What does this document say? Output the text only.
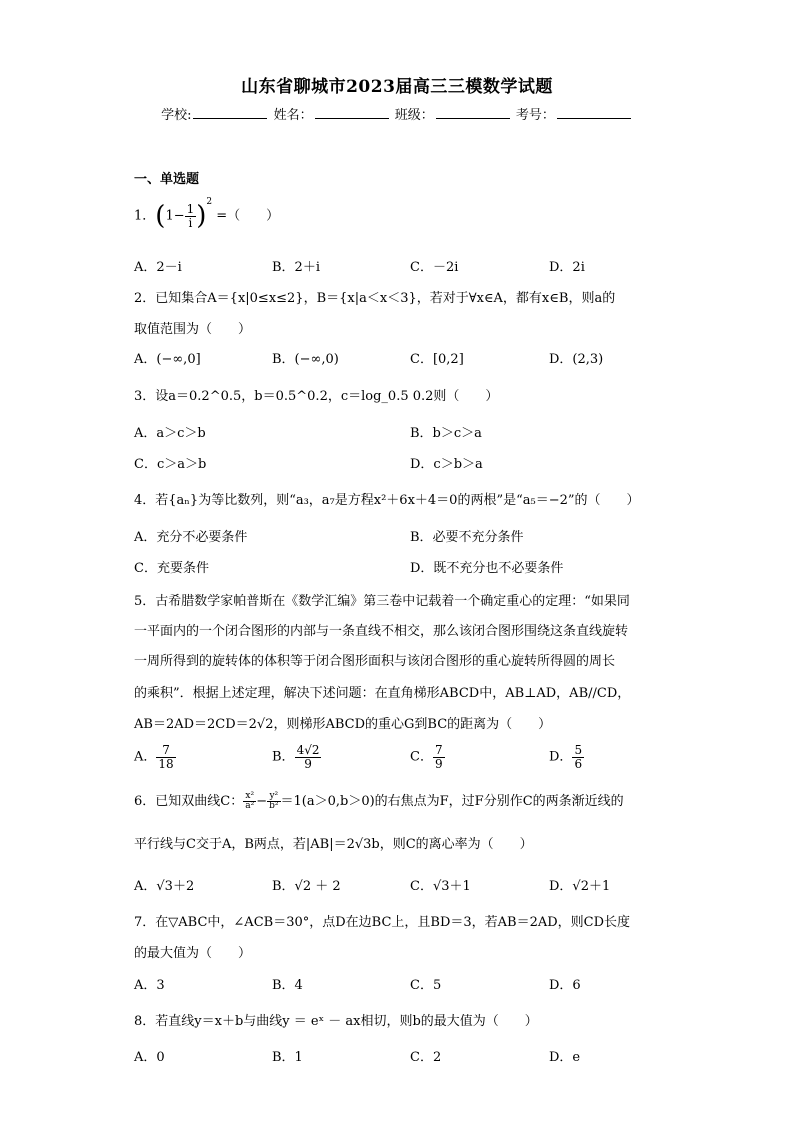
山东省聊城市2023届高三三模数学试题
学校:	姓名：	班级：	考号：
一、单选题
1．$(1- \frac{1}{i} )^2$ =（　　）
A．2－i	B．2＋i	C．－2i	D．2i
2．已知集合A＝{x|0≤x≤2}，B＝{x|a＜x＜3}，若对于∀x∈A，都有x∈B，则a的
取值范围为（　　）
A．(−∞,0]	B．(−∞,0)	C．[0,2]	D．(2,3)
3．设a＝0.2^0.5，b＝0.5^0.2，c＝log_0.5 0.2则（　　）
A．a＞c＞b	B．b＞c＞a
C．c＞a＞b	D．c＞b＞a
4．若{aₙ}为等比数列，则“a₃，a₇是方程x²＋6x＋4＝0的两根”是“a₅＝−2”的（　　）
A．充分不必要条件	B．必要不充分条件
C．充要条件	D．既不充分也不必要条件
5．古希腊数学家帕普斯在《数学汇编》第三卷中记载着一个确定重心的定理：“如果同
一平面内的一个闭合图形的内部与一条直线不相交，那么该闭合图形围绕这条直线旋转
一周所得到的旋转体的体积等于闭合图形面积与该闭合图形的重心旋转所得圆的周长
的乘积”．根据上述定理，解决下述问题：在直角梯形ABCD中，AB⊥AD，AB//CD，
AB＝2AD＝2CD＝2√2，则梯形ABCD的重心G到BC的距离为（　　）
A． $\frac{7}{18}$	B． $\frac{4√2}{9}$	C． $\frac{7}{9}$	D． $\frac{5}{6}$
6．已知双曲线C： $\frac{\text{x²}}{\text{a²}} - \frac{\text{y²}}{\text{b²}} =1(a>0,b>0)$的右焦点为F，过F分别作C的两条渐近线的
平行线与C交于A，B两点，若|AB|＝2√3b，则C的离心率为（　　）
A．√3＋2	B．√2 ＋ 2	C．√3＋1	D．√2＋1
7．在▽ABC中，∠ACB＝30°，点D在边BC上，且BD＝3，若AB＝2AD，则CD长度
的最大值为（　　）
A．3	B．4	C．5	D．6
8．若直线y＝x＋b与曲线y ＝ eˣ － ax相切，则b的最大值为（　　）
A．0	B．1	C．2	D．e
